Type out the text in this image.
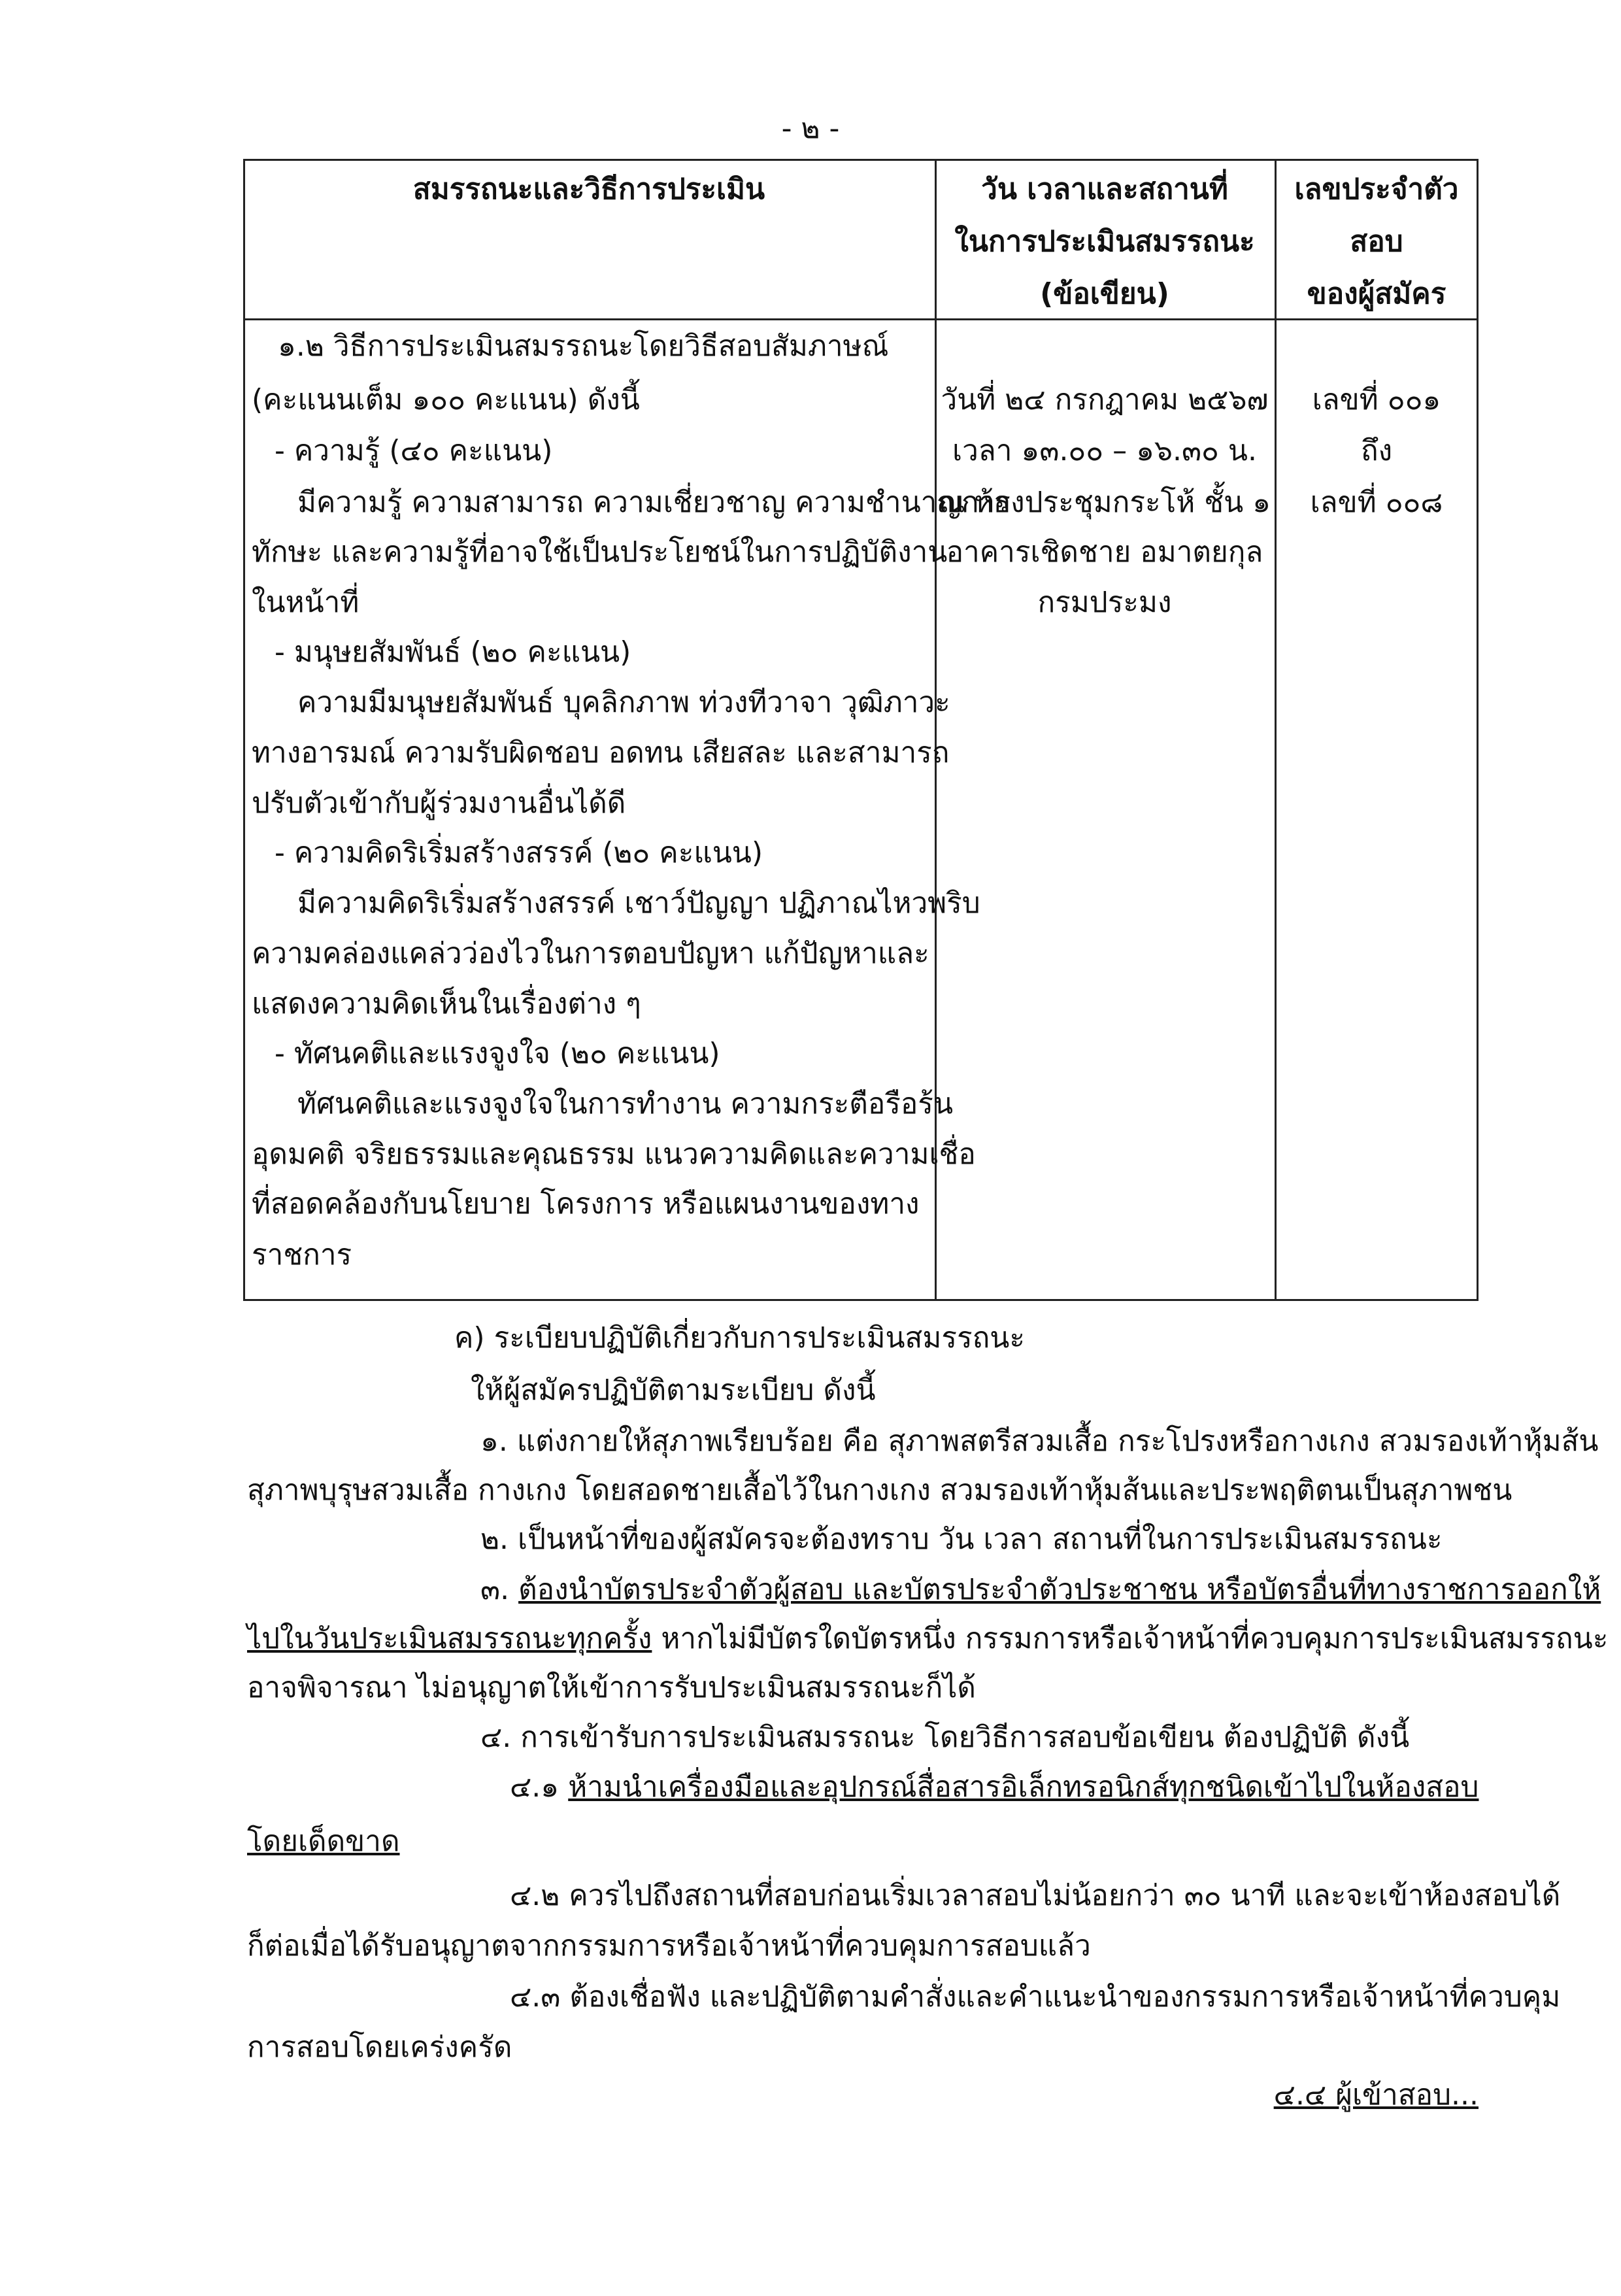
- ๒ -
สมรรถนะและวิธีการประเมิน	วัน เวลาและสถานที่
ในการประเมินสมรรถนะ
(ข้อเขียน)
เลขประจำตัว
สอบ
ของผู้สมัคร
๑.๒ วิธีการประเมินสมรรถนะโดยวิธีสอบสัมภาษณ์
(คะแนนเต็ม ๑๐๐ คะแนน) ดังนี้
- ความรู้ (๔๐ คะแนน)
มีความรู้ ความสามารถ ความเชี่ยวชาญ ความชำนาญการ
ทักษะ และความรู้ที่อาจใช้เป็นประโยชน์ในการปฏิบัติงาน
ในหน้าที่
- มนุษยสัมพันธ์ (๒๐ คะแนน)
ความมีมนุษยสัมพันธ์ บุคลิกภาพ ท่วงทีวาจา วุฒิภาวะ
ทางอารมณ์ ความรับผิดชอบ อดทน เสียสละ และสามารถ
ปรับตัวเข้ากับผู้ร่วมงานอื่นได้ดี
- ความคิดริเริ่มสร้างสรรค์ (๒๐ คะแนน)
มีความคิดริเริ่มสร้างสรรค์ เชาว์ปัญญา ปฏิภาณไหวพริบ
ความคล่องแคล่วว่องไวในการตอบปัญหา แก้ปัญหาและ
แสดงความคิดเห็นในเรื่องต่าง ๆ
- ทัศนคติและแรงจูงใจ (๒๐ คะแนน)
ทัศนคติและแรงจูงใจในการทำงาน ความกระตือรือร้น
อุดมคติ จริยธรรมและคุณธรรม แนวความคิดและความเชื่อ
ที่สอดคล้องกับนโยบาย โครงการ หรือแผนงานของทาง
ราชการ
วันที่ ๒๔ กรกฎาคม ๒๕๖๗
เวลา ๑๓.๐๐ – ๑๖.๓๐ น.
ณ ห้องประชุมกระโห้ ชั้น ๑
อาคารเชิดชาย อมาตยกุล
กรมประมง
เลขที่ ๐๐๑
ถึง
เลขที่ ๐๐๘
ค) ระเบียบปฏิบัติเกี่ยวกับการประเมินสมรรถนะ
ให้ผู้สมัครปฏิบัติตามระเบียบ ดังนี้
๑. แต่งกายให้สุภาพเรียบร้อย คือ สุภาพสตรีสวมเสื้อ กระโปรงหรือกางเกง สวมรองเท้าหุ้มส้น
สุภาพบุรุษสวมเสื้อ กางเกง โดยสอดชายเสื้อไว้ในกางเกง สวมรองเท้าหุ้มส้นและประพฤติตนเป็นสุภาพชน
๒. เป็นหน้าที่ของผู้สมัครจะต้องทราบ วัน เวลา สถานที่ในการประเมินสมรรถนะ
๓. ต้องนำบัตรประจำตัวผู้สอบ และบัตรประจำตัวประชาชน หรือบัตรอื่นที่ทางราชการออกให้
ไปในวันประเมินสมรรถนะทุกครั้ง หากไม่มีบัตรใดบัตรหนึ่ง กรรมการหรือเจ้าหน้าที่ควบคุมการประเมินสมรรถนะ
อาจพิจารณา ไม่อนุญาตให้เข้าการรับประเมินสมรรถนะก็ได้
๔. การเข้ารับการประเมินสมรรถนะ โดยวิธีการสอบข้อเขียน ต้องปฏิบัติ ดังนี้
๔.๑ ห้ามนำเครื่องมือและอุปกรณ์สื่อสารอิเล็กทรอนิกส์ทุกชนิดเข้าไปในห้องสอบ
โดยเด็ดขาด
๔.๒ ควรไปถึงสถานที่สอบก่อนเริ่มเวลาสอบไม่น้อยกว่า ๓๐ นาที และจะเข้าห้องสอบได้
ก็ต่อเมื่อได้รับอนุญาตจากกรรมการหรือเจ้าหน้าที่ควบคุมการสอบแล้ว
๔.๓ ต้องเชื่อฟัง และปฏิบัติตามคำสั่งและคำแนะนำของกรรมการหรือเจ้าหน้าที่ควบคุม
การสอบโดยเคร่งครัด
๔.๔ ผู้เข้าสอบ...
